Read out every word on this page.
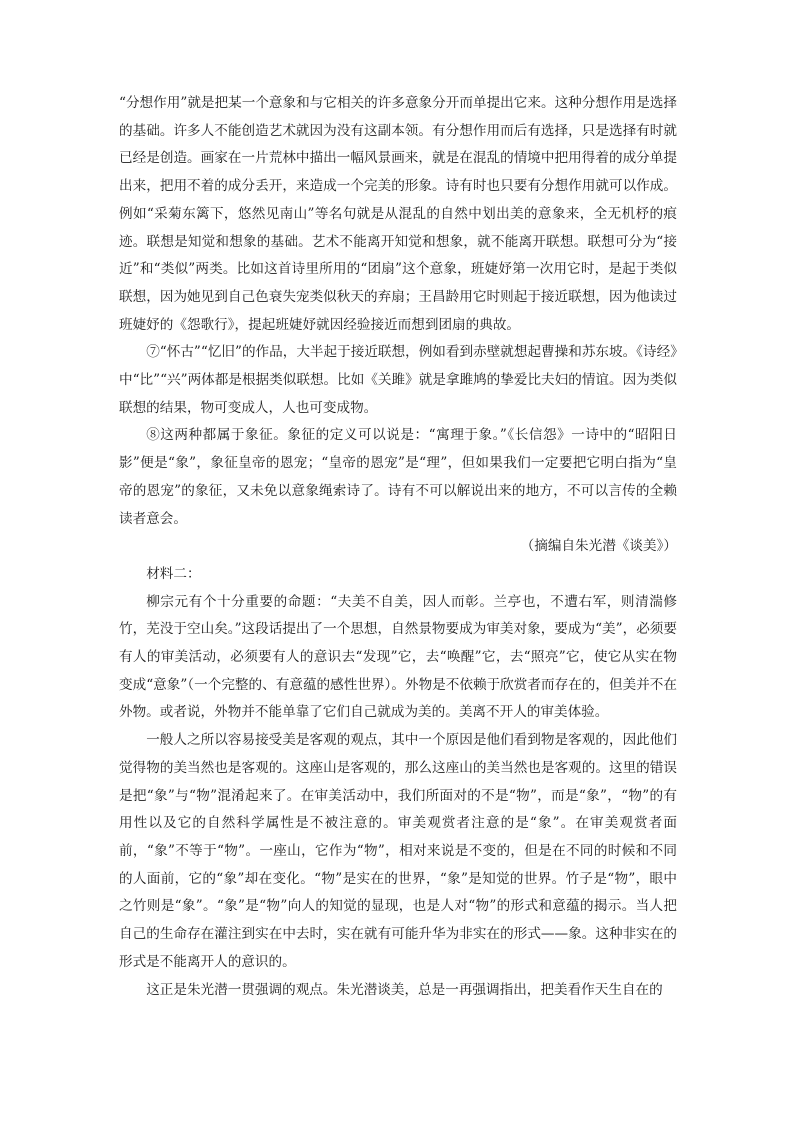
“分想作用”就是把某一个意象和与它相关的许多意象分开而单提出它来。这种分想作用是选择的基础。许多人不能创造艺术就因为没有这副本领。有分想作用而后有选择，只是选择有时就已经是创造。画家在一片荒林中描出一幅风景画来，就是在混乱的情境中把用得着的成分单提出来，把用不着的成分丢开，来造成一个完美的形象。诗有时也只要有分想作用就可以作成。例如“采菊东篱下，悠然见南山”等名句就是从混乱的自然中划出美的意象来，全无机杼的痕迹。联想是知觉和想象的基础。艺术不能离开知觉和想象，就不能离开联想。联想可分为“接近”和“类似”两类。比如这首诗里所用的“团扇”这个意象，班婕妤第一次用它时，是起于类似联想，因为她见到自己色衰失宠类似秋天的弃扇；王昌龄用它时则起于接近联想，因为他读过班婕妤的《怨歌行》，提起班婕妤就因经验接近而想到团扇的典故。

⑦“怀古”“忆旧”的作品，大半起于接近联想，例如看到赤壁就想起曹操和苏东坡。《诗经》中“比”“兴”两体都是根据类似联想。比如《关雎》就是拿雎鸠的挚爱比夫妇的情谊。因为类似联想的结果，物可变成人，人也可变成物。

⑧这两种都属于象征。象征的定义可以说是：“寓理于象。”《长信怨》一诗中的“昭阳日影”便是“象”，象征皇帝的恩宠；“皇帝的恩宠”是“理”，但如果我们一定要把它明白指为“皇帝的恩宠”的象征，又未免以意象绳索诗了。诗有不可以解说出来的地方，不可以言传的全赖读者意会。

（摘编自朱光潜《谈美》）

材料二：

柳宗元有个十分重要的命题：“夫美不自美，因人而彰。兰亭也，不遭右军，则清湍修竹，芜没于空山矣。”这段话提出了一个思想，自然景物要成为审美对象，要成为“美”，必须要有人的审美活动，必须要有人的意识去“发现”它，去“唤醒”它，去“照亮”它，使它从实在物变成“意象”（一个完整的、有意蕴的感性世界）。外物是不依赖于欣赏者而存在的，但美并不在外物。或者说，外物并不能单靠了它们自己就成为美的。美离不开人的审美体验。

一般人之所以容易接受美是客观的观点，其中一个原因是他们看到物是客观的，因此他们觉得物的美当然也是客观的。这座山是客观的，那么这座山的美当然也是客观的。这里的错误是把“象”与“物”混淆起来了。在审美活动中，我们所面对的不是“物”，而是“象”，“物”的有用性以及它的自然科学属性是不被注意的。审美观赏者注意的是“象”。在审美观赏者面前，“象”不等于“物”。一座山，它作为“物”，相对来说是不变的，但是在不同的时候和不同的人面前，它的“象”却在变化。“物”是实在的世界，“象”是知觉的世界。竹子是“物”，眼中之竹则是“象”。“象”是“物”向人的知觉的显现，也是人对“物”的形式和意蕴的揭示。当人把自己的生命存在灌注到实在中去时，实在就有可能升华为非实在的形式——象。这种非实在的形式是不能离开人的意识的。

这正是朱光潜一贯强调的观点。朱光潜谈美，总是一再强调指出，把美看作天生自在的
